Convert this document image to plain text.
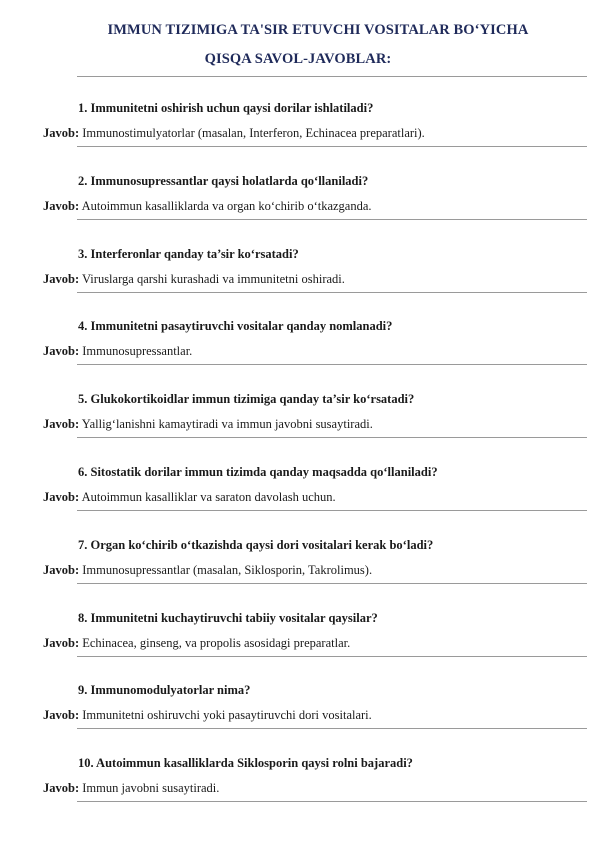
IMMUN TIZIMIGA TA'SIR ETUVCHI VOSITALAR BO‘YICHA
QISQA SAVOL-JAVOBLAR:
1. Immunitetni oshirish uchun qaysi dorilar ishlatiladi?
Javob: Immunostimulyatorlar (masalan, Interferon, Echinacea preparatlari).
2. Immunosupressantlar qaysi holatlarda qo‘llaniladi?
Javob: Autoimmun kasalliklarda va organ ko‘chirib o‘tkazganda.
3. Interferonlar qanday ta’sir ko‘rsatadi?
Javob: Viruslarga qarshi kurashadi va immunitetni oshiradi.
4. Immunitetni pasaytiruvchi vositalar qanday nomlanadi?
Javob: Immunosupressantlar.
5. Glukokortikoidlar immun tizimiga qanday ta’sir ko‘rsatadi?
Javob: Yallig‘lanishni kamaytiradi va immun javobni susaytiradi.
6. Sitostatik dorilar immun tizimda qanday maqsadda qo‘llaniladi?
Javob: Autoimmun kasalliklar va saraton davolash uchun.
7. Organ ko‘chirib o‘tkazishda qaysi dori vositalari kerak bo‘ladi?
Javob: Immunosupressantlar (masalan, Siklosporin, Takrolimus).
8. Immunitetni kuchaytiruvchi tabiiy vositalar qaysilar?
Javob: Echinacea, ginseng, va propolis asosidagi preparatlar.
9. Immunomodulyatorlar nima?
Javob: Immunitetni oshiruvchi yoki pasaytiruvchi dori vositalari.
10. Autoimmun kasalliklarda Siklosporin qaysi rolni bajaradi?
Javob: Immun javobni susaytiradi.
